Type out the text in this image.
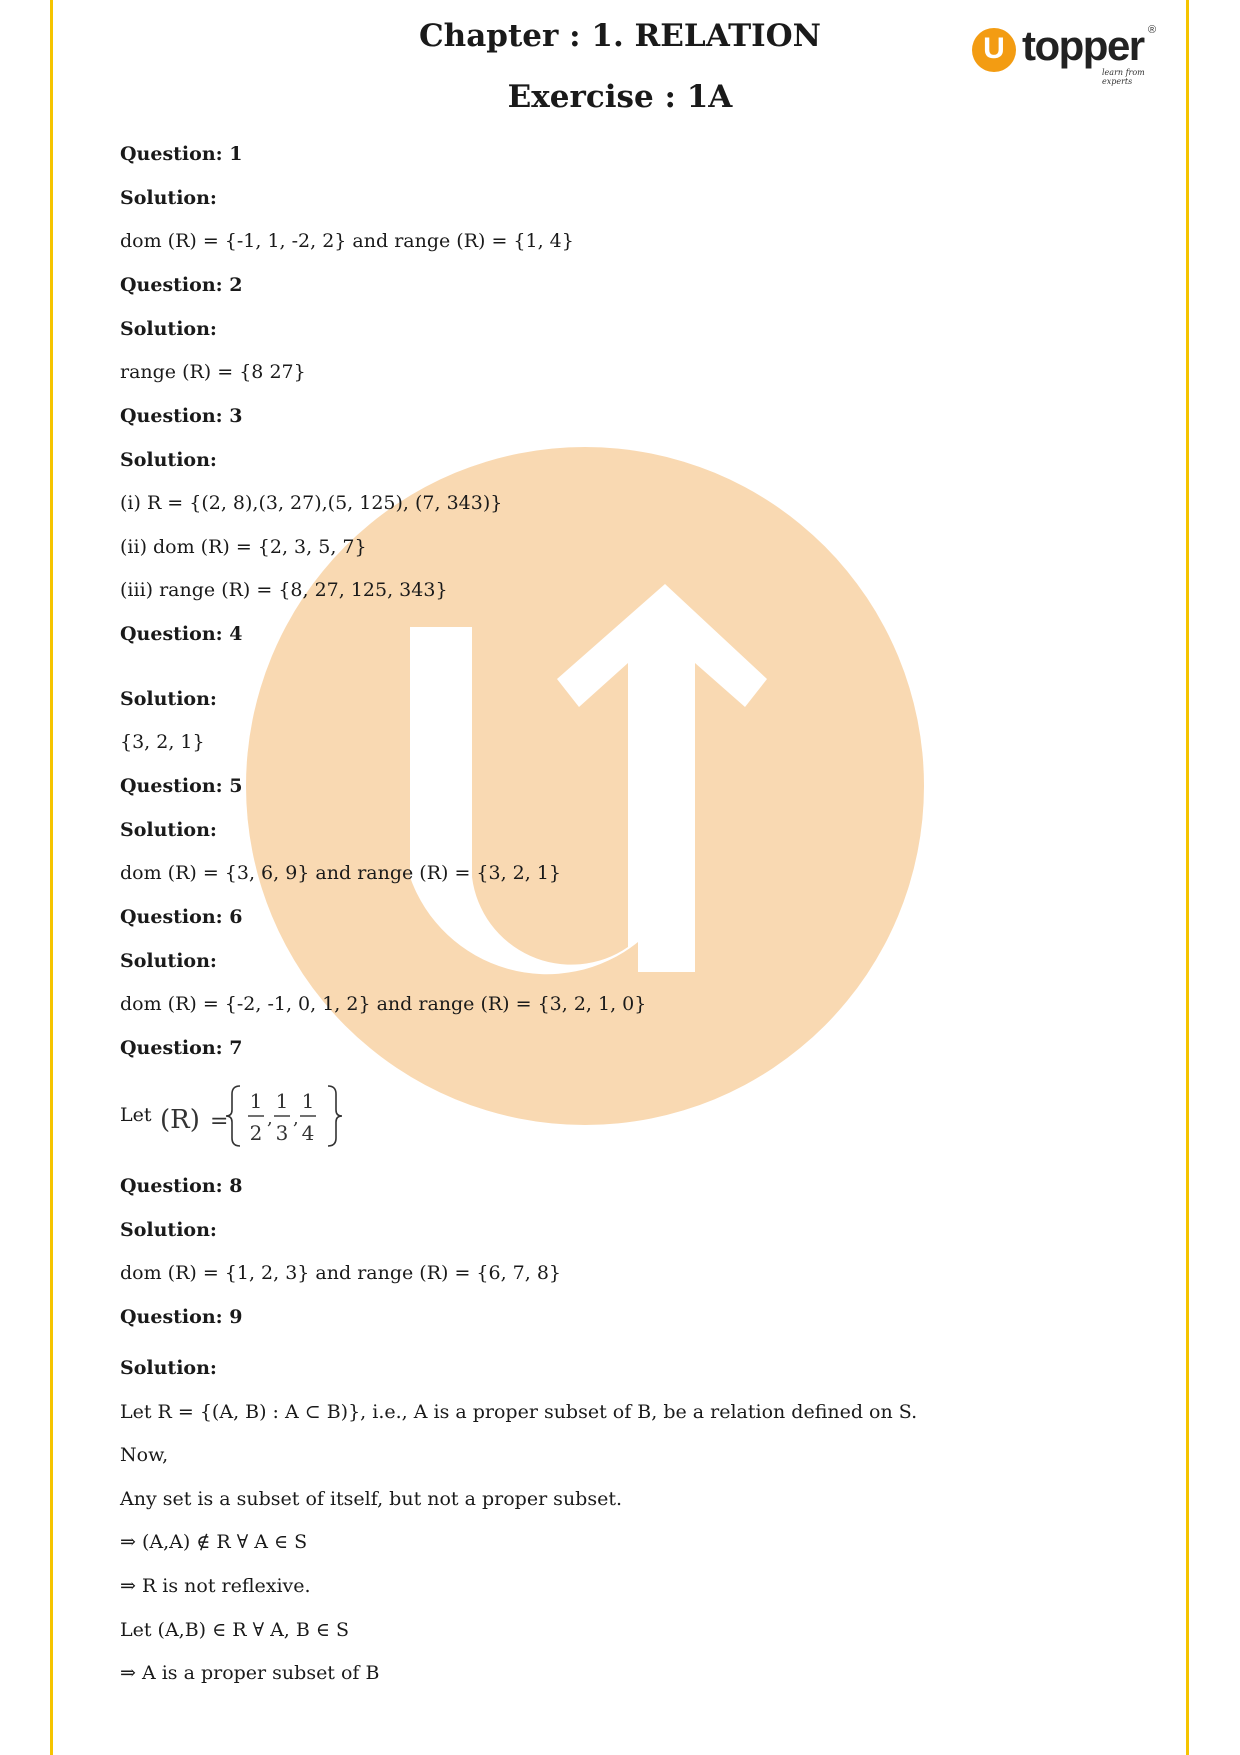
U topper ®
learn from experts
Chapter : 1. RELATION
Exercise : 1A
Question: 1
Solution:
dom (R) = {-1, 1, -2, 2} and range (R) = {1, 4}
Question: 2
Solution:
range (R) = {8 27}
Question: 3
Solution:
(i) R = {(2, 8),(3, 27),(5, 125), (7, 343)}
(ii) dom (R) = {2, 3, 5, 7}
(iii) range (R) = {8, 27, 125, 343}
Question: 4
Solution:
{3, 2, 1}
Question: 5
Solution:
dom (R) = {3, 6, 9} and range (R) = {3, 2, 1}
Question: 6
Solution:
dom (R) = {-2, -1, 0, 1, 2} and range (R) = {3, 2, 1, 0}
Question: 7
Question: 8
Solution:
dom (R) = {1, 2, 3} and range (R) = {6, 7, 8}
Question: 9
Solution:
Let R = {(A, B) : A ⊂ B)}, i.e., A is a proper subset of B, be a relation defined on S.
Now,
Any set is a subset of itself, but not a proper subset.
⇒ (A,A) ∉ R ∀ A ∈ S
⇒ R is not reflexive.
Let (A,B) ∈ R ∀ A, B ∈ S
⇒ A is a proper subset of B
Let (R) =
1
2
,
1
3
,
1
4
